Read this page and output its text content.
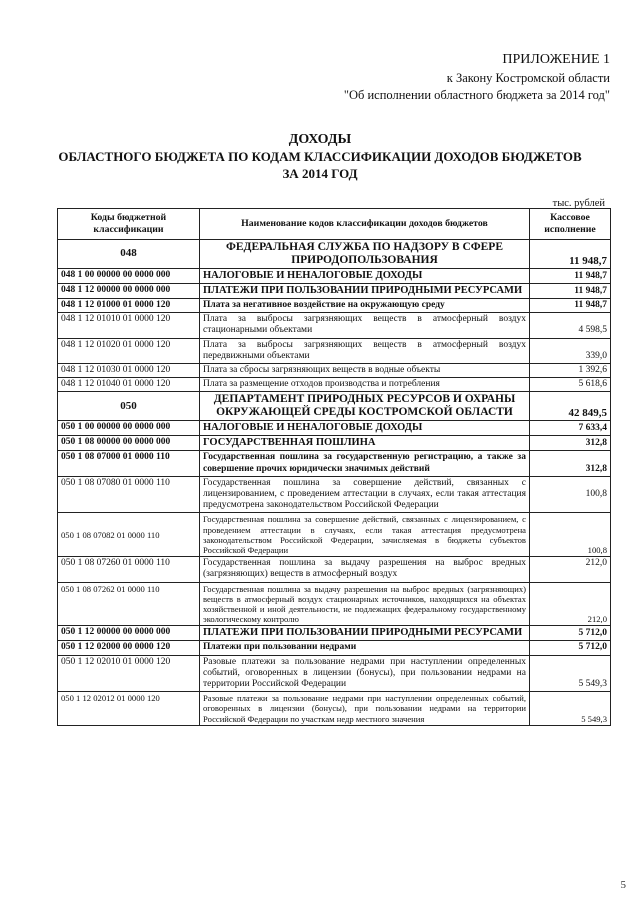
ПРИЛОЖЕНИЕ 1
к Закону Костромской области
"Об исполнении областного бюджета за 2014 год"
ДОХОДЫ
ОБЛАСТНОГО БЮДЖЕТА ПО КОДАМ КЛАССИФИКАЦИИ ДОХОДОВ БЮДЖЕТОВ
ЗА 2014 ГОД
тыс. рублей
Коды бюджетной классификации	Наименование кодов классификации доходов бюджетов	Кассовое исполнение
048	ФЕДЕРАЛЬНАЯ СЛУЖБА ПО НАДЗОРУ В СФЕРЕ ПРИРОДОПОЛЬЗОВАНИЯ	11 948,7
048 1 00 00000 00 0000 000	НАЛОГОВЫЕ И НЕНАЛОГОВЫЕ ДОХОДЫ	11 948,7
048 1 12 00000 00 0000 000	ПЛАТЕЖИ ПРИ ПОЛЬЗОВАНИИ ПРИРОДНЫМИ РЕСУРСАМИ	11 948,7
048 1 12 01000 01 0000 120	Плата за негативное воздействие на окружающую среду	11 948,7
048 1 12 01010 01 0000 120	Плата за выбросы загрязняющих веществ в атмосферный воздух стационарными объектами	4 598,5
048 1 12 01020 01 0000 120	Плата за выбросы загрязняющих веществ в атмосферный воздух передвижными объектами	339,0
048 1 12 01030 01 0000 120	Плата за сбросы загрязняющих веществ в водные объекты	1 392,6
048 1 12 01040 01 0000 120	Плата за размещение отходов производства и потребления	5 618,6
050	ДЕПАРТАМЕНТ ПРИРОДНЫХ РЕСУРСОВ И ОХРАНЫ ОКРУЖАЮЩЕЙ СРЕДЫ КОСТРОМСКОЙ ОБЛАСТИ	42 849,5
050 1 00 00000 00 0000 000	НАЛОГОВЫЕ И НЕНАЛОГОВЫЕ ДОХОДЫ	7 633,4
050 1 08 00000 00 0000 000	ГОСУДАРСТВЕННАЯ ПОШЛИНА	312,8
050 1 08 07000 01 0000 110	Государственная пошлина за государственную регистрацию, а также за совершение прочих юридически значимых действий	312,8
050 1 08 07080 01 0000 110	Государственная пошлина за совершение действий, связанных с лицензированием, с проведением аттестации в случаях, если такая аттестация предусмотрена законодательством Российской Федерации	100,8
050 1 08 07082 01 0000 110	Государственная пошлина за совершение действий, связанных с лицензированием, с проведением аттестации в случаях, если такая аттестация предусмотрена законодательством Российской Федерации, зачисляемая в бюджеты субъектов Российской Федерации	100,8
050 1 08 07260 01 0000 110	Государственная пошлина за выдачу разрешения на выброс вредных (загрязняющих) веществ в атмосферный воздух	212,0
050 1 08 07262 01 0000 110	Государственная пошлина за выдачу разрешения на выброс вредных (загрязняющих) веществ в атмосферный воздух стационарных источников, находящихся на объектах хозяйственной и иной деятельности, не подлежащих федеральному государственному экологическому контролю	212,0
050 1 12 00000 00 0000 000	ПЛАТЕЖИ ПРИ ПОЛЬЗОВАНИИ ПРИРОДНЫМИ РЕСУРСАМИ	5 712,0
050 1 12 02000 00 0000 120	Платежи при пользовании недрами	5 712,0
050 1 12 02010 01 0000 120	Разовые платежи за пользование недрами при наступлении определенных событий, оговоренных в лицензии (бонусы), при пользовании недрами на территории Российской Федерации	5 549,3
050 1 12 02012 01 0000 120	Разовые платежи за пользование недрами при наступлении определенных событий, оговоренных в лицензии (бонусы), при пользовании недрами на территории Российской Федерации по участкам недр местного значения	5 549,3
5
